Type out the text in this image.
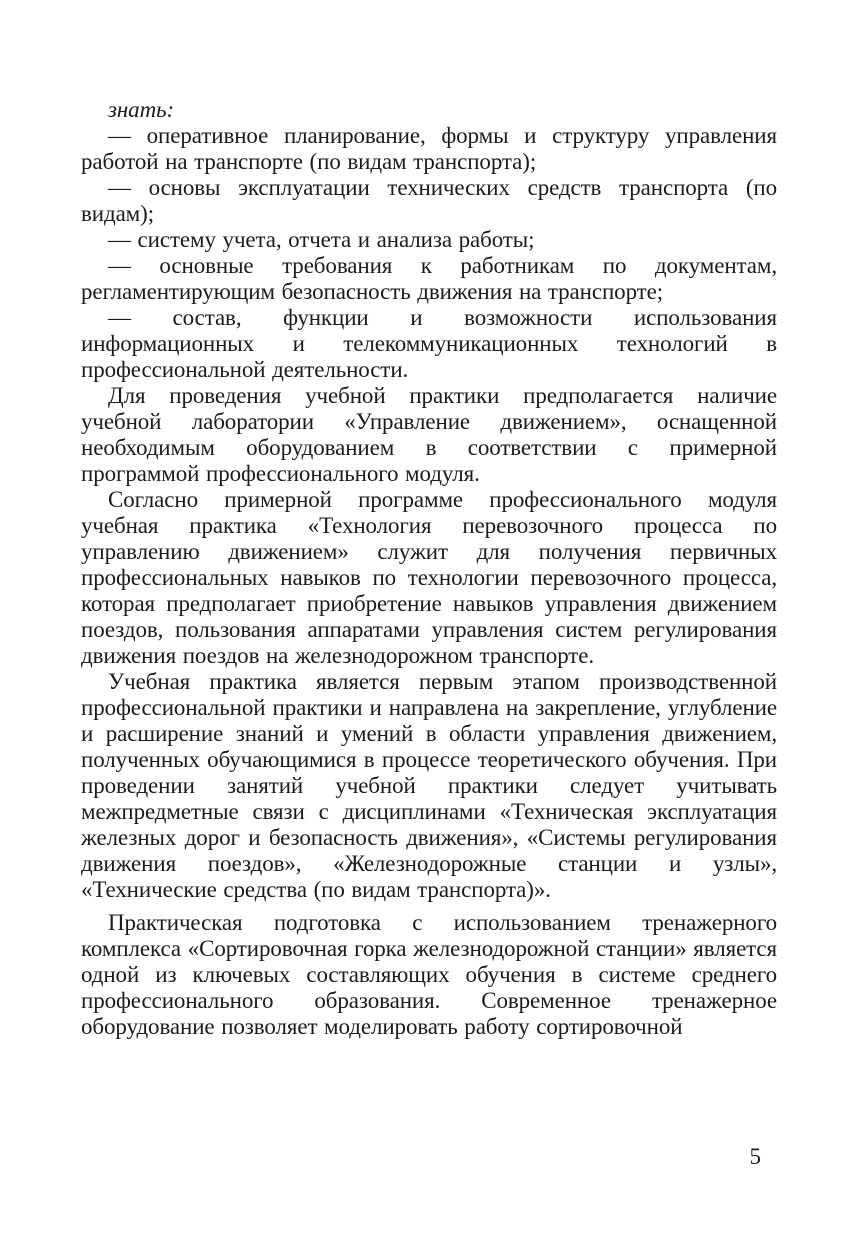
знать:

— оперативное планирование, формы и структуру управления работой на транспорте (по видам транспорта);

— основы эксплуатации технических средств транспорта (по видам);

— систему учета, отчета и анализа работы;

— основные требования к работникам по документам, регламентирующим безопасность движения на транспорте;

— состав, функции и возможности использования информационных и телекоммуникационных технологий в профессиональной деятельности.

Для проведения учебной практики предполагается наличие учебной лаборатории «Управление движением», оснащенной необходимым оборудованием в соответствии с примерной программой профессионального модуля.

Согласно примерной программе профессионального модуля учебная практика «Технология перевозочного процесса по управлению движением» служит для получения первичных профессиональных навыков по технологии перевозочного процесса, которая предполагает приобретение навыков управления движением поездов, пользования аппаратами управления систем регулирования движения поездов на железнодорожном транспорте.

Учебная практика является первым этапом производственной профессиональной практики и направлена на закрепление, углубление и расширение знаний и умений в области управления движением, полученных обучающимися в процессе теоретического обучения. При проведении занятий учебной практики следует учитывать межпредметные связи с дисциплинами «Техническая эксплуатация железных дорог и безопасность движения», «Системы регулирования движения поездов», «Железнодорожные станции и узлы», «Технические средства (по видам транспорта)».

Практическая подготовка с использованием тренажерного комплекса «Сортировочная горка железнодорожной станции» является одной из ключевых составляющих обучения в системе среднего профессионального образования. Современное тренажерное оборудование позволяет моделировать работу сортировочной

5
